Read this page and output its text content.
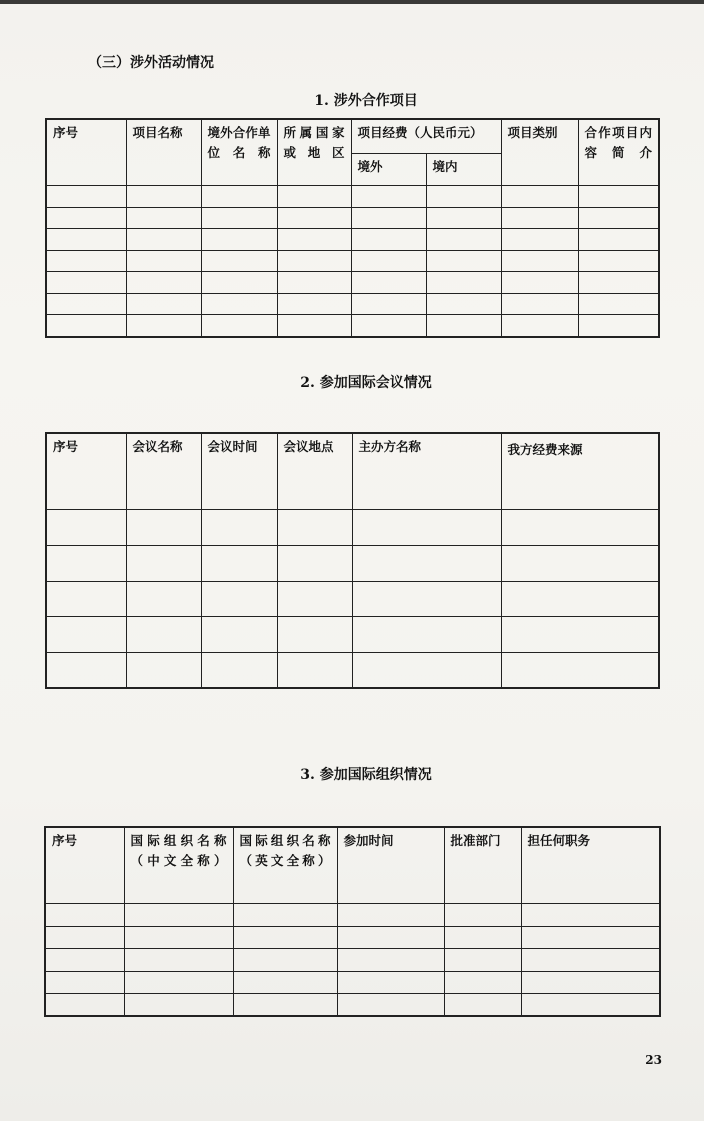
（三）涉外活动情况
1. 涉外合作项目
序号	项目名称	境外合作单位名称	所属国家或地区	项目经费（人民币元）		项目类别	合作项目内容简介
				境外	境内		

2. 参加国际会议情况
序号	会议名称	会议时间	会议地点	主办方名称	我方经费来源

3. 参加国际组织情况
序号	国际组织名称（中文全称）	国际组织名称（英文全称）	参加时间	批准部门	担任何职务

23
